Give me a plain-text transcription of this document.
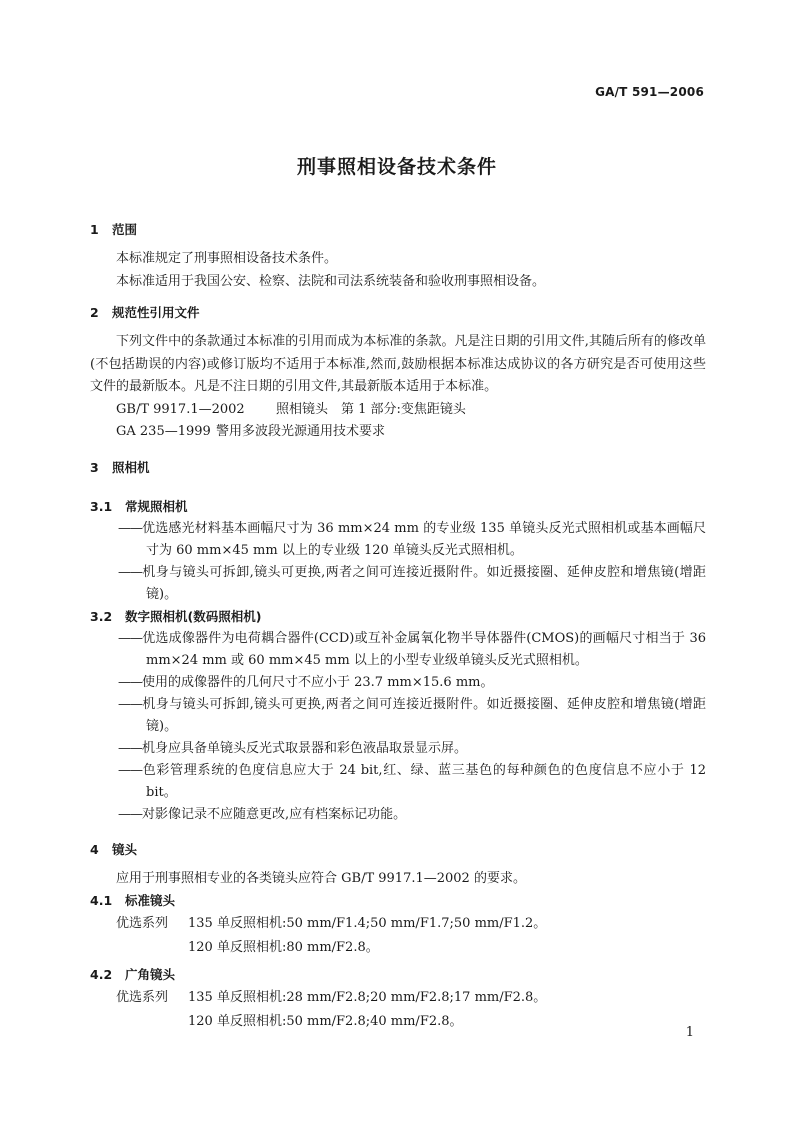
GA/T 591—2006
刑事照相设备技术条件
1	范围

本标准规定了刑事照相设备技术条件。

本标准适用于我国公安、检察、法院和司法系统装备和验收刑事照相设备。

2	规范性引用文件

下列文件中的条款通过本标准的引用而成为本标准的条款。凡是注日期的引用文件,其随后所有的修改单(不包括勘误的内容)或修订版均不适用于本标准,然而,鼓励根据本标准达成协议的各方研究是否可使用这些文件的最新版本。凡是不注日期的引用文件,其最新版本适用于本标准。

GB/T 9917.1—2002 照相镜头　第 1 部分:变焦距镜头

GA 235—1999 警用多波段光源通用技术要求

3	照相机
3.1	常规照相机

——优选感光材料基本画幅尺寸为 36 mm×24 mm 的专业级 135 单镜头反光式照相机或基本画幅尺寸为 60 mm×45 mm 以上的专业级 120 单镜头反光式照相机。

——机身与镜头可拆卸,镜头可更换,两者之间可连接近摄附件。如近摄接圈、延伸皮腔和增焦镜(增距镜)。

3.2	数字照相机(数码照相机)

——优选成像器件为电荷耦合器件(CCD)或互补金属氧化物半导体器件(CMOS)的画幅尺寸相当于 36 mm×24 mm 或 60 mm×45 mm 以上的小型专业级单镜头反光式照相机。

——使用的成像器件的几何尺寸不应小于 23.7 mm×15.6 mm。

——机身与镜头可拆卸,镜头可更换,两者之间可连接近摄附件。如近摄接圈、延伸皮腔和增焦镜(增距镜)。

——机身应具备单镜头反光式取景器和彩色液晶取景显示屏。

——色彩管理系统的色度信息应大于 24 bit,红、绿、蓝三基色的每种颜色的色度信息不应小于 12 bit。

——对影像记录不应随意更改,应有档案标记功能。

4	镜头

应用于刑事照相专业的各类镜头应符合 GB/T 9917.1—2002 的要求。

4.1	标准镜头
优选系列	135 单反照相机:50 mm/F1.4;50 mm/F1.7;50 mm/F1.2。
120 单反照相机:80 mm/F2.8。
4.2	广角镜头
优选系列	135 单反照相机:28 mm/F2.8;20 mm/F2.8;17 mm/F2.8。
120 单反照相机:50 mm/F2.8;40 mm/F2.8。
1
